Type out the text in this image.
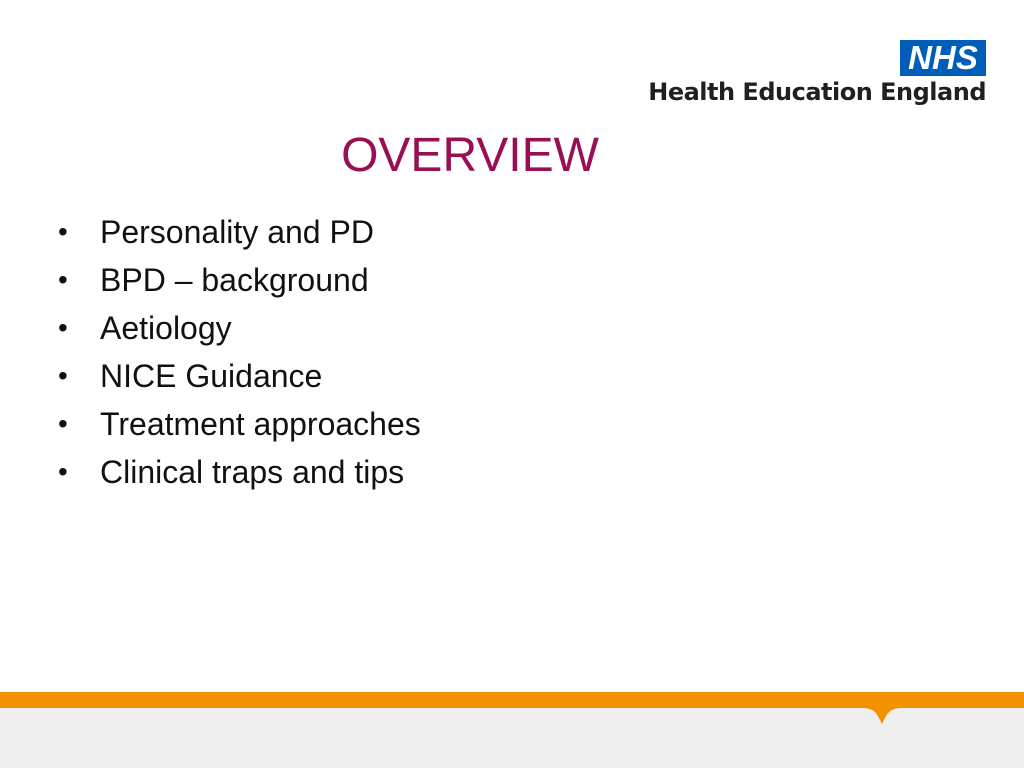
NHS
Health Education England
OVERVIEW
• Personality and PD
• BPD – background
• Aetiology
• NICE Guidance
• Treatment approaches
• Clinical traps and tips
